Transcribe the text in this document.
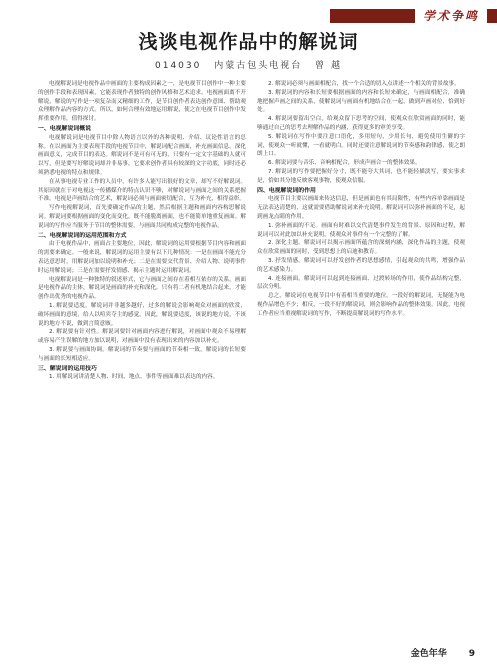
学术争鸣
浅谈电视作品中的解说词
014030 内蒙古包头电视台 曾 越

电视解说词是电视作品中画面的主要构成因素之一，是电视节目创作中一种主要的创作手段和表现因素，它能表现作者独特的创作风格和艺术追求。电视画面离不开解说，解说的写作是一项复杂而又精细的工作，是节目创作者表达创作意图、帮助观众理解作品内容的方式。所以，如何合理有效地运用解说，使之在电视节目创作中发挥重要作用，值得探讨。

一、电视解说词概说

电视解说词是电视节目中除人物语言以外的各种说明、介绍、议论性语言的总称。在以画面为主要表现手段的电视节目中，解说词配合画面，补充画面信息，深化画面意义，完成节目的表达。解说词不是可有可无的，只要有一定文字基础的人就可以写，但是要写好解说词却并非易事，它要求创作者具有较深的文字功底，同时还必须熟悉电视的特点和规律。

在从事电视专业工作的人员中，有许多人能写出很好的文章，却写不好解说词。其原因就在于对电视这一传播媒介的特点认识不够，对解说词与画面之间的关系把握不准。电视是声画结合的艺术，解说词必须与画面密切配合，互为补充，相得益彰。

写作电视解说词，首先要确定作品的主题，然后根据主题和画面内容构思解说词。解说词要根据画面的变化而变化，既不能脱离画面，也不能简单地重复画面。解说词的写作应当服务于节目的整体需要，与画面共同构成完整的电视作品。

二、电视解说词的运用范围和方式

由于电视作品中，画面占主要地位，因此，解说词的运用要根据节目内容和画面的需要来确定。一般来说，解说词的运用主要有以下几种情况：一是在画面不能充分表达意思时，用解说词加以说明和补充；二是在需要交代背景、介绍人物、说明事件时运用解说词；三是在需要抒发情感、揭示主题时运用解说词。

电视解说词是一种独特的叙述形式，它与画面之间存在着相互依存的关系。画面是电视作品的主体，解说词是画面的补充和深化。只有将二者有机地结合起来，才能创作出优秀的电视作品。

1. 解说要适度。解说词并非越多越好，过多的解说会影响观众对画面的欣赏，破坏画面的意境，给人以喧宾夺主的感觉。因此，解说要适度，该说的地方说，不该说的地方不说，做到言简意赅。

2. 解说要有针对性。解说词要针对画面内容进行解说，对画面中观众不易理解或容易产生误解的地方加以说明，对画面中没有表现出来的内容加以补充。

3. 解说要与画面协调。解说词的节奏要与画面的节奏相一致，解说词的长短要与画面的长短相适应。

三、解说词的运用技巧

1. 用解说词讲清楚人物、时间、地点、事件等画面难以表达的内容。

2. 解说词必须与画面相配合，找一个合适的切入点讲述一个相关的背景故事。

3. 解说词的内容和长短要根据画面的内容和长短来确定，与画面相配合，准确地把握声画之间的关系，使解说词与画面有机地结合在一起，做到声画对位、恰到好处。

4. 解说词要留出空白，给观众留下思考的空间，使观众在欣赏画面的同时，能够通过自己的思考去理解作品的内涵，获得更多的审美享受。

5. 解说词在写作中要注意口语化，多用短句，少用长句，避免使用生僻的字词，使观众一听就懂，一看就明白。同时还要注意解说词的节奏感和韵律感，使之朗朗上口。

6. 解说词要与音乐、音响相配合，形成声画合一的整体效果。

7. 解说词的写作要把握好分寸，既不能夸大其词，也不能轻描淡写，要实事求是，恰如其分地反映客观事物，使观众信服。

四、电视解说词的作用

电视节目主要以画面来传达信息，但是画面也有其局限性，有些内容单靠画面是无法表达清楚的，这就需要借助解说词来补充说明。解说词可以弥补画面的不足，起到画龙点睛的作用。

1. 弥补画面的不足。画面有时难以交代清楚事件发生的背景、原因和过程，解说词可以对此加以补充说明，使观众对事件有一个完整的了解。

2. 深化主题。解说词可以揭示画面所蕴含的深刻内涵，深化作品的主题，使观众在欣赏画面的同时，受到思想上的启迪和教育。

3. 抒发情感。解说词可以抒发创作者的思想感情，引起观众的共鸣，增强作品的艺术感染力。

4. 连接画面。解说词可以起到连接画面、过渡转场的作用，使作品结构完整，层次分明。

总之，解说词在电视节目中有着相当重要的地位。一段好的解说词，无疑能为电视作品增色不少；相反，一段不好的解说词，则会影响作品的整体效果。因此，电视工作者应当重视解说词的写作，不断提高解说词的写作水平。

金色年华 9
